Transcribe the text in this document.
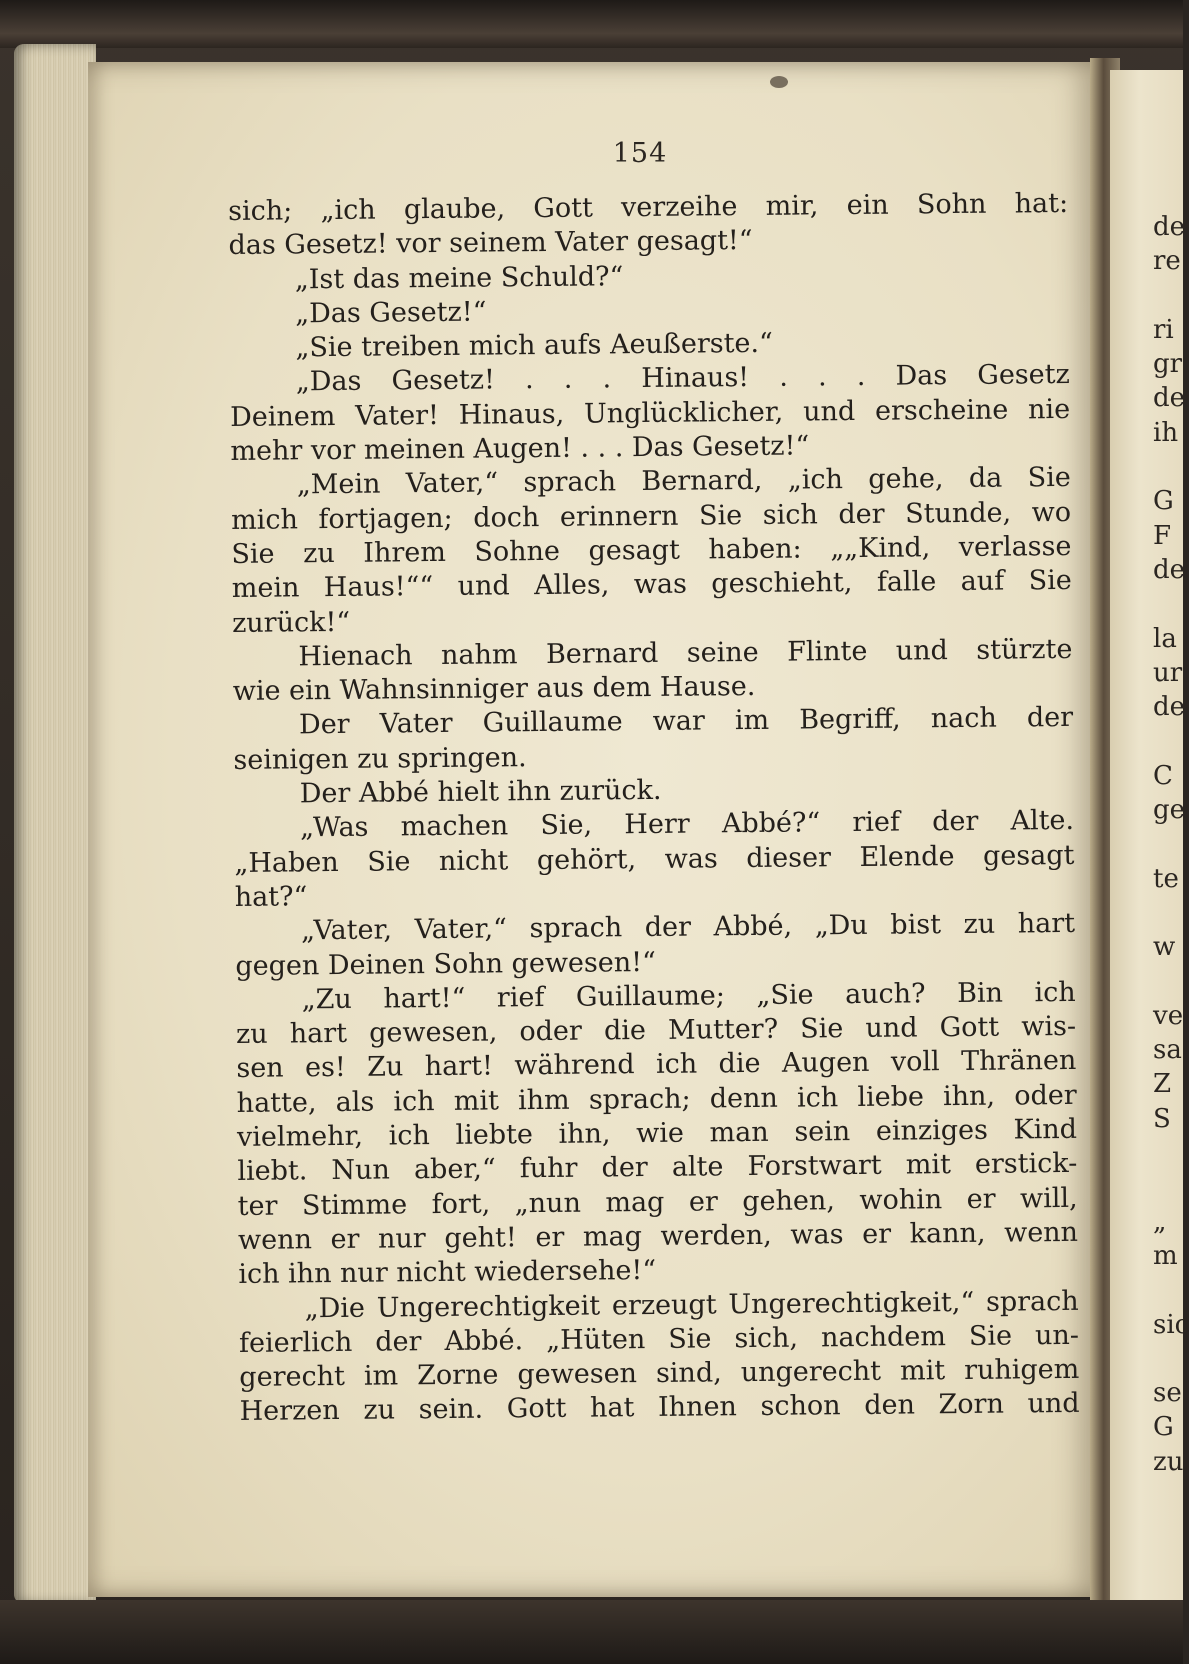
154
sich; „ich glaube, Gott verzeihe mir, ein Sohn hat:
das Gesetz! vor seinem Vater gesagt!“
„Ist das meine Schuld?“
„Das Gesetz!“
„Sie treiben mich aufs Aeußerste.“
„Das Gesetz! . . . Hinaus! . . . Das Gesetz
Deinem Vater! Hinaus, Unglücklicher, und erscheine nie
mehr vor meinen Augen! . . . Das Gesetz!“
„Mein Vater,“ sprach Bernard, „ich gehe, da Sie
mich fortjagen; doch erinnern Sie sich der Stunde, wo
Sie zu Ihrem Sohne gesagt haben: „„Kind, verlasse
mein Haus!““ und Alles, was geschieht, falle auf Sie
zurück!“
Hienach nahm Bernard seine Flinte und stürzte
wie ein Wahnsinniger aus dem Hause.
Der Vater Guillaume war im Begriff, nach der
seinigen zu springen.
Der Abbé hielt ihn zurück.
„Was machen Sie, Herr Abbé?“ rief der Alte.
„Haben Sie nicht gehört, was dieser Elende gesagt
hat?“
„Vater, Vater,“ sprach der Abbé, „Du bist zu hart
gegen Deinen Sohn gewesen!“
„Zu hart!“ rief Guillaume; „Sie auch? Bin ich
zu hart gewesen, oder die Mutter? Sie und Gott wis-
sen es! Zu hart! während ich die Augen voll Thränen
hatte, als ich mit ihm sprach; denn ich liebe ihn, oder
vielmehr, ich liebte ihn, wie man sein einziges Kind
liebt. Nun aber,“ fuhr der alte Forstwart mit erstick-
ter Stimme fort, „nun mag er gehen, wohin er will,
wenn er nur geht! er mag werden, was er kann, wenn
ich ihn nur nicht wiedersehe!“
„Die Ungerechtigkeit erzeugt Ungerechtigkeit,“ sprach
feierlich der Abbé. „Hüten Sie sich, nachdem Sie un-
gerecht im Zorne gewesen sind, ungerecht mit ruhigem
Herzen zu sein. Gott hat Ihnen schon den Zorn und
de
re
ri
gr
de
ih
G
F
de
la
ur
de
C
ge
te
w
ve
sa
Z
S
„
m
sic
se
G
zu
